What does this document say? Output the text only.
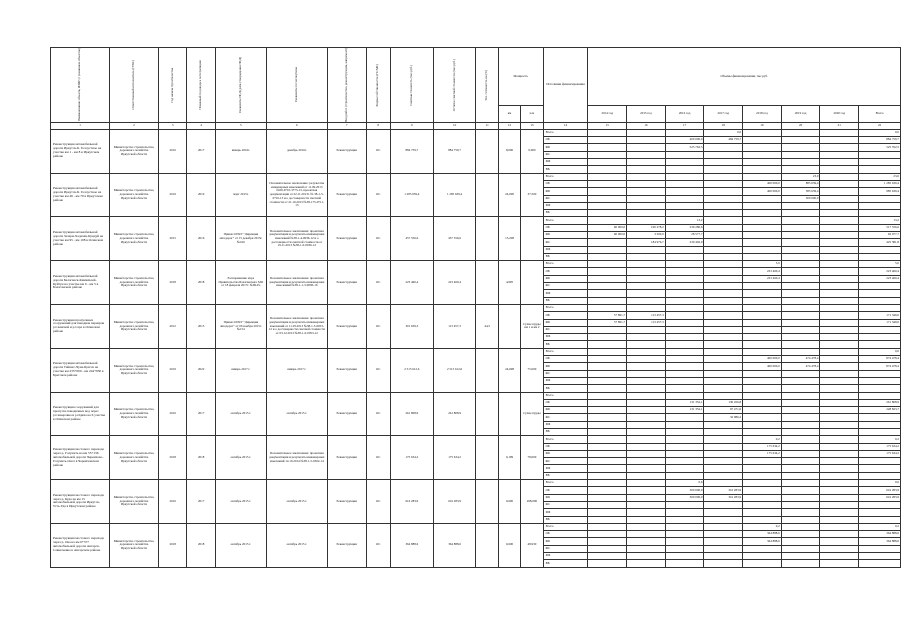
Наименование объекта, ИЗИР (с указанием объектов)	Ответственный исполнитель (ГРБС)	Год начала строительства	Плановый год ввода в эксплуатацию	Реквизиты ПСД (дата утверждения ПСД)	Реквизиты госэкспертизы	Вид работ (строительство, реконструкция, капремонт)	Форма собственности (ГС/МС)	Сметная стоимость (тыс.руб.)	Остаток сметной стоимости (тыс.руб.)	Тех. готовность на (%)	Мощность		Источники финансирования	Объемы финансирования, тыс.руб.							
											км	п.м		2014 год	2015 год	2016 год	2017 год	2018 год	2019 год	2020 год	Всего
1	2	3	4	5	6	7	8	9	10	11	12	13	14	15	16	17	18	19	20	21	22
Реконструкция автомобильной дороги Иркутск-Б. Голоустное на участке км 1 - км 8 в Иркутском районе	Министерство строительства, дорожного хозяйства Иркутской области	2016	2017	январь 2016г.	декабрь 2016г.	Реконструкция	ОС	884 759,7	884 759,7		8,000	0,000	Всего				0,0				0,0
													ОБ			400 000,0	484 759,7				884 759,7
													ФБ			525 762,5					525 762,5
													ФС								
													МБ								
													ВБ								
Реконструкция автомобильной дороги Иркутск-Б. Голоустное на участке км 46 - км 70 в Иркутском районе	Министерство строительства, дорожного хозяйства Иркутской области	2019	2019	март 2015г.	Положительное заключение: результаты инженерных изысканий от 11.09.2013 №00-0710-3773-13, проектная документация от 22.11.2013г. № 38-1-5-0710-13 и о достоверности сметной стоимости от 21.10.2013 №38-175-0711-13	Реконструкция	ОС	1 285 639,4	1 285 639,4		24,000	37,500	Всего						23,0		23,0
													ОБ					400 000,0	885 639,4		1 285 639,4
													ФБ					400 000,0	585 639,4		985 639,4
													ФС						300 000,0		
													МБ								
													ВБ								
Реконструкция автомобильной дороги Залари-Хадахан-Кундуй на участке км 95 - км 108 в Осинском районе	Министерство строительства, дорожного хозяйства Иркутской области	2015	2016	Приказ ОГКУ "Дирекция автодорог" от 15 декабря 2015г. №166	Положительное заключение: проектная документация и результаты инженерных изысканий №38-1-4-0036-12 и о достоверности сметной стоимости от 19.11.2013 №38-1-0-0036-12	Реконструкция	ОС	457 556,6	457 556,6		13,208		Всего			13,2					13,2
													ОБ	60 000,0	190 278,2	239 280,6					517 556,6
													ФБ	60 000,0	3 500,0	28 577,7					92 077,7
													ФС		184 976,7	230 402,9					425 381,8
													МБ								
													ВБ								
Реконструкция автомобильной дороги Балаганск-Кимильтей-Куйтун на участке км 0 - км 5 в Балаганском районе	Министерство строительства, дорожного хозяйства Иркутской области	2018	2018	Распоряжение мэра Правительства Балаганского МО от 18 февраля 2017г. №69-Ро	Положительное заключение: проектная документация и результаты инженерных изысканий №38-1-1-3-0090-16	Реконструкция	ОС	223 460,4	223 460,4		4,995		Всего					5,0			5,0
													ОБ					223 460,4			223 460,4
													ФБ					223 460,4			223 460,4
													ФС								
													МБ								
													ВБ								
Реконструкция пропускных сооружений для паводков переправ р.Саянской и р.Сара в Осинском районе	Министерство строительства, дорожного хозяйства Иркутской области	2012	2015	Приказ ОГКУ "Дирекция автодорог" от 06 ноября 2015г. №154	Положительное заключение: проектная документация и результаты инженерных изысканий от 11.03.2013 №38-1-5-0053-12 и о достоверности сметной стоимости от 03.12.2013 №38-1-0-0053-12	Реконструкция	ОС	301 639,3	113 457,3	44,5		Сухие пруды км 1 и км 2	Всего								
													ОБ	57 891,7	113 457,3						171 349,0
													ФБ	57 891,7	113 457,3						171 349,0
													ФС								
													МБ								
													ВБ								
Реконструкция автомобильной дороги Тайшет-Чуна-Братск на участке км 235+000 - км 244+950 в Братском районе	Министерство строительства, дорожного хозяйства Иркутской области	2019	2022	январь 2017 г.	январь 2017 г.	Реконструкция	ОС	2 515 612,6	2 515 612,6		24,698	75,000	Всего								0,0
													ОБ					400 000,0	474 478,4		874 478,4
													ФБ					400 000,0	474 478,4		874 478,4
													ФС								
													МБ								
													ВБ								
Реконструкция сооружений для пропуска паводковых вод через р.Саныровка и р.Одиха на 6 участке в Осинском районе	Министерство строительства, дорожного хозяйства Иркутской области	2016	2017	октябрь 2015 г.	октябрь 2015 г.	Реконструкция	ОС	261 808,9	261 808,9			Сухие пруды	Всего								
													ОБ			131 352,1	130 456,8				261 808,9
													ФБ			131 352,1	97 471,6				228 823,7
													ФС				32 986,2				
													МБ								
													ВБ								
Реконструкция мостового перехода через р. Голуметь на км 55+136 автомобильной дороги Черемхово-Голуметь-Онот в Черемховском районе	Министерство строительства, дорожного хозяйства Иркутской области	2018	2018	октябрь 2015 г.	Положительное заключение: проектная документация и результаты инженерных изысканий 14.10.2014 №38-1-5-0362-14	Реконструкция	ОС	175 634,2	175 634,2		0,199	78,000	Всего					0,2			0,2
													ОБ					175 634,2			175 634,2
													ФБ					175 634,2			175 634,2
													ФС								
													МБ								
													ВБ								
Реконструкция мостового перехода через р. Куда на км 15 автомобильной дороги Иркутск-Усть-Уда в Иркутском районе	Министерство строительства, дорожного хозяйства Иркутской области	2016	2017	октябрь 2015 г.	октябрь 2015 г.	Реконструкция	ОС	616 283,9	616 283,9		0,600	208,000	Всего			0,6					0,6
													ОБ			300 000,0	316 283,9				616 283,9
													ФБ			300 000,0	316 283,9				616 283,9
													ФС								
													МБ								
													ВБ								
Реконструкция мостового перехода через р. Ока на км 0+577 автомобильной дороги Ангарск-Савватеевка в Ангарском районе	Министерство строительства, дорожного хозяйства Иркутской области	2018	2018	октябрь 2015 г.	октябрь 2015 г.	Реконструкция	ОС	364 888,6	364 888,6		0,600	48,930	Всего					0,2			0,2
													ОБ					364 888,6			364 888,6
													ФБ					364 888,6			364 888,6
													ФС								
													МБ								
													ВБ								
